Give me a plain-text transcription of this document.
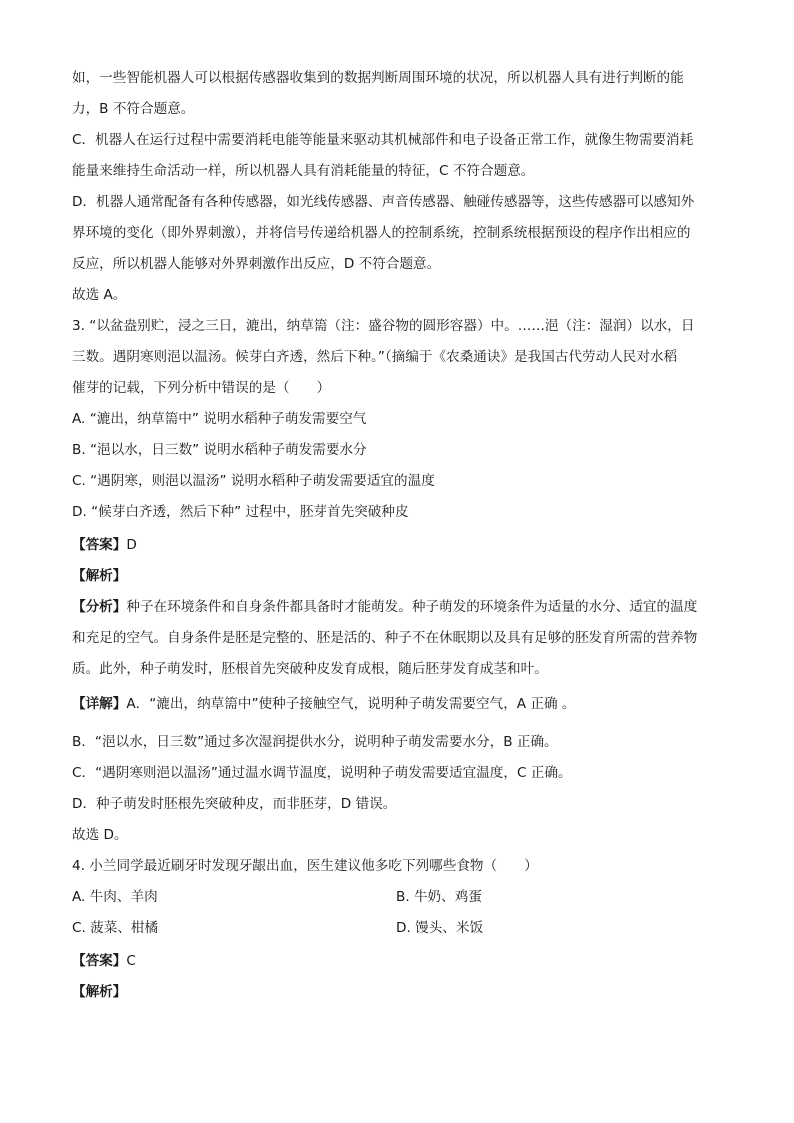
如，一些智能机器人可以根据传感器收集到的数据判断周围环境的状况，所以机器人具有进行判断的能
力，B 不符合题意。
C．机器人在运行过程中需要消耗电能等能量来驱动其机械部件和电子设备正常工作，就像生物需要消耗
能量来维持生命活动一样，所以机器人具有消耗能量的特征，C 不符合题意。
D．机器人通常配备有各种传感器，如光线传感器、声音传感器、触碰传感器等，这些传感器可以感知外
界环境的变化（即外界刺激），并将信号传递给机器人的控制系统，控制系统根据预设的程序作出相应的
反应，所以机器人能够对外界刺激作出反应，D 不符合题意。
故选 A。
3. “以盆盎别贮，浸之三日，漉出，纳草篅（注：盛谷物的圆形容器）中。……浥（注：湿润）以水，日
三数。遇阴寒则浥以温汤。候芽白齐透，然后下种。”（摘编于《农桑通诀》是我国古代劳动人民对水稻
催芽的记载，下列分析中错误的是（　　）
A. “漉出，纳草篅中” 说明水稻种子萌发需要空气
B. “浥以水，日三数” 说明水稻种子萌发需要水分
C. “遇阴寒，则浥以温汤” 说明水稻种子萌发需要适宜的温度
D. “候芽白齐透，然后下种” 过程中，胚芽首先突破种皮
【答案】D
【解析】
【分析】种子在环境条件和自身条件都具备时才能萌发。种子萌发的环境条件为适量的水分、适宜的温度
和充足的空气。自身条件是胚是完整的、胚是活的、种子不在休眠期以及具有足够的胚发育所需的营养物
质。此外，种子萌发时，胚根首先突破种皮发育成根，随后胚芽发育成茎和叶。
【详解】A．“漉出，纳草篅中”使种子接触空气，说明种子萌发需要空气，A 正确 。
B．“浥以水，日三数”通过多次湿润提供水分，说明种子萌发需要水分，B 正确。
C．“遇阴寒则浥以温汤”通过温水调节温度，说明种子萌发需要适宜温度，C 正确。
D．种子萌发时胚根先突破种皮，而非胚芽，D 错误。
故选 D。
4. 小兰同学最近刷牙时发现牙龈出血，医生建议他多吃下列哪些食物（　　）
A. 牛肉、羊肉	B. 牛奶、鸡蛋
C. 菠菜、柑橘	D. 馒头、米饭
【答案】C
【解析】
